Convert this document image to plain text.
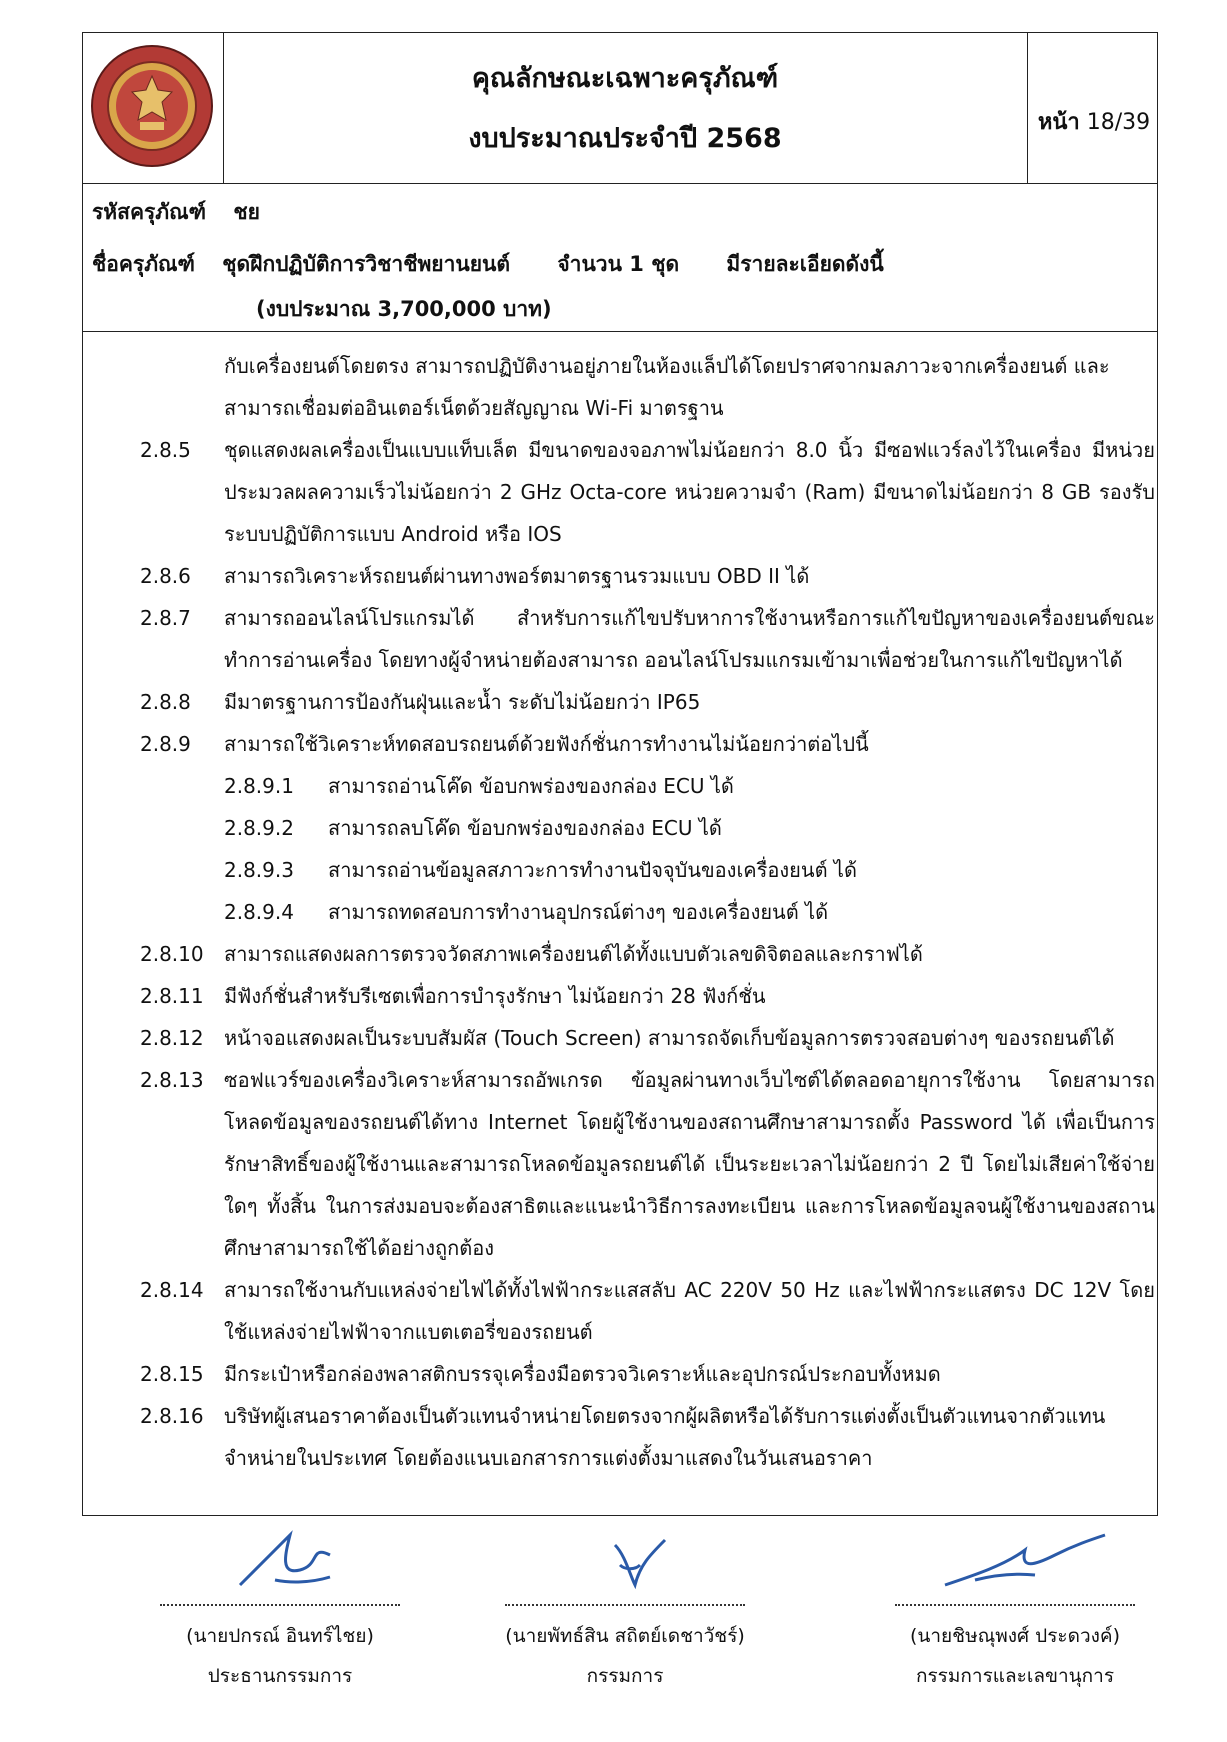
คุณลักษณะเฉพาะครุภัณฑ์
งบประมาณประจำปี 2568
หน้า 18/39
รหัสครุภัณฑ์ ชย
ชื่อครุภัณฑ์ ชุดฝึกปฏิบัติการวิชาชีพยานยนต์ จำนวน 1 ชุด มีรายละเอียดดังนี้
(งบประมาณ 3,700,000 บาท)
กับเครื่องยนต์โดยตรง สามารถปฏิบัติงานอยู่ภายในห้องแล็ปได้โดยปราศจากมลภาวะจากเครื่องยนต์ และ
สามารถเชื่อมต่ออินเตอร์เน็ตด้วยสัญญาณ Wi-Fi มาตรฐาน
2.8.5	ชุดแสดงผลเครื่องเป็นแบบแท็บเล็ต มีขนาดของจอภาพไม่น้อยกว่า 8.0 นิ้ว มีซอฟแวร์ลงไว้ในเครื่อง มีหน่วยประมวลผลความเร็วไม่น้อยกว่า 2 GHz Octa-core หน่วยความจำ (Ram) มีขนาดไม่น้อยกว่า 8 GB รองรับระบบปฏิบัติการแบบ Android หรือ IOS
2.8.6	สามารถวิเคราะห์รถยนต์ผ่านทางพอร์ตมาตรฐานรวมแบบ OBD II ได้
2.8.7	สามารถออนไลน์โปรแกรมได้ สำหรับการแก้ไขปรับหาการใช้งานหรือการแก้ไขปัญหาของเครื่องยนต์ขณะทำการอ่านเครื่อง โดยทางผู้จำหน่ายต้องสามารถ ออนไลน์โปรมแกรมเข้ามาเพื่อช่วยในการแก้ไขปัญหาได้
2.8.8	มีมาตรฐานการป้องกันฝุ่นและน้ำ ระดับไม่น้อยกว่า IP65
2.8.9	สามารถใช้วิเคราะห์ทดสอบรถยนต์ด้วยฟังก์ชั่นการทำงานไม่น้อยกว่าต่อไปนี้
2.8.9.1	สามารถอ่านโค๊ด ข้อบกพร่องของกล่อง ECU ได้
2.8.9.2	สามารถลบโค๊ด ข้อบกพร่องของกล่อง ECU ได้
2.8.9.3	สามารถอ่านข้อมูลสภาวะการทำงานปัจจุบันของเครื่องยนต์ ได้
2.8.9.4	สามารถทดสอบการทำงานอุปกรณ์ต่างๆ ของเครื่องยนต์ ได้
2.8.10	สามารถแสดงผลการตรวจวัดสภาพเครื่องยนต์ได้ทั้งแบบตัวเลขดิจิตอลและกราฟได้
2.8.11	มีฟังก์ชั่นสำหรับรีเซตเพื่อการบำรุงรักษา ไม่น้อยกว่า 28 ฟังก์ชั่น
2.8.12	หน้าจอแสดงผลเป็นระบบสัมผัส (Touch Screen) สามารถจัดเก็บข้อมูลการตรวจสอบต่างๆ ของรถยนต์ได้
2.8.13	ซอฟแวร์ของเครื่องวิเคราะห์สามารถอัพเกรด ข้อมูลผ่านทางเว็บไซต์ได้ตลอดอายุการใช้งาน โดยสามารถโหลดข้อมูลของรถยนต์ได้ทาง Internet โดยผู้ใช้งานของสถานศึกษาสามารถตั้ง Password ได้ เพื่อเป็นการรักษาสิทธิ์ของผู้ใช้งานและสามารถโหลดข้อมูลรถยนต์ได้ เป็นระยะเวลาไม่น้อยกว่า 2 ปี โดยไม่เสียค่าใช้จ่ายใดๆ ทั้งสิ้น ในการส่งมอบจะต้องสาธิตและแนะนำวิธีการลงทะเบียน และการโหลดข้อมูลจนผู้ใช้งานของสถานศึกษาสามารถใช้ได้อย่างถูกต้อง
2.8.14	สามารถใช้งานกับแหล่งจ่ายไฟได้ทั้งไฟฟ้ากระแสสลับ AC 220V 50 Hz และไฟฟ้ากระแสตรง DC 12V โดยใช้แหล่งจ่ายไฟฟ้าจากแบตเตอรี่ของรถยนต์
2.8.15	มีกระเป๋าหรือกล่องพลาสติกบรรจุเครื่องมือตรวจวิเคราะห์และอุปกรณ์ประกอบทั้งหมด
2.8.16	บริษัทผู้เสนอราคาต้องเป็นตัวแทนจำหน่ายโดยตรงจากผู้ผลิตหรือได้รับการแต่งตั้งเป็นตัวแทนจากตัวแทนจำหน่ายในประเทศ โดยต้องแนบเอกสารการแต่งตั้งมาแสดงในวันเสนอราคา
(นายปกรณ์ อินทร์ไชย)
ประธานกรรมการ
(นายพัทธ์สิน สถิตย์เดชาวัชร์)
กรรมการ
(นายชิษณุพงศ์ ประดวงค์)
กรรมการและเลขานุการ
